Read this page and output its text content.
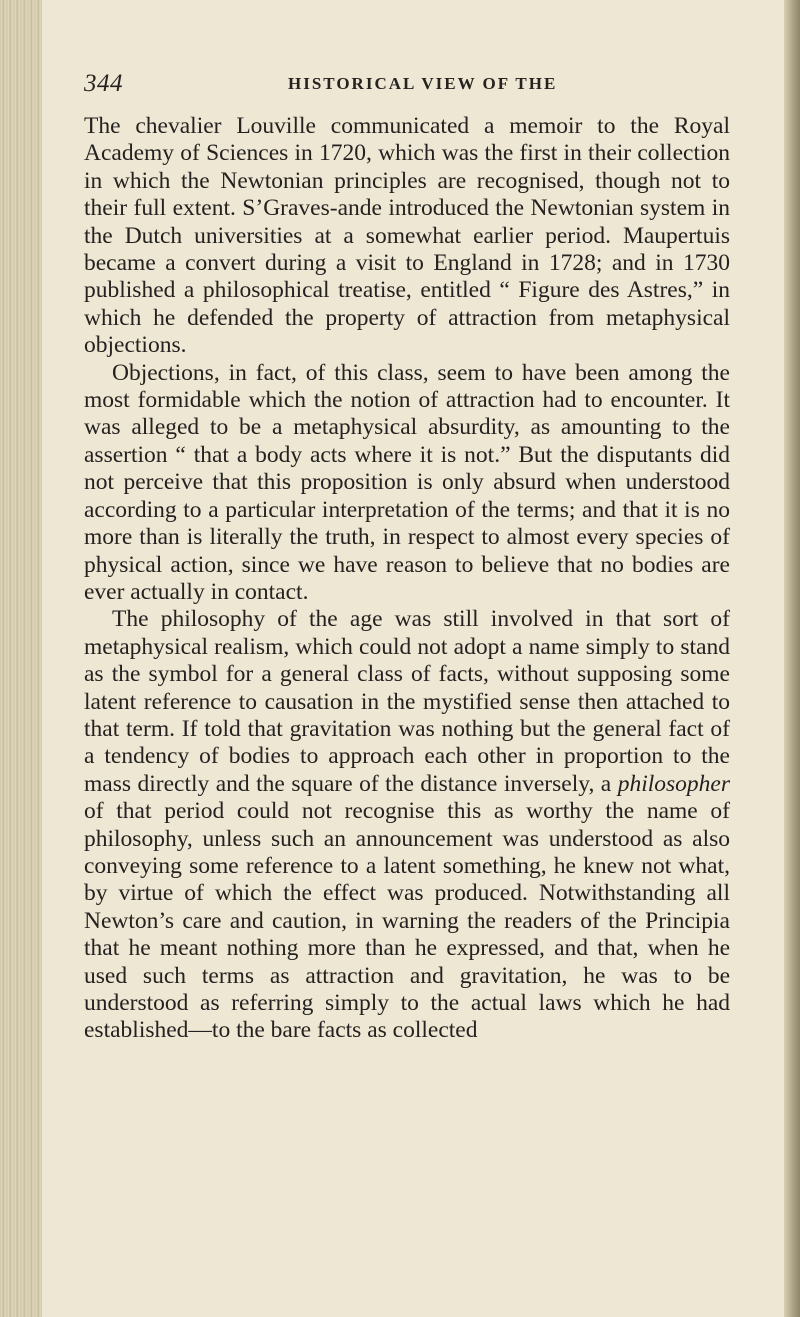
344	HISTORICAL VIEW OF THE

The chevalier Louville communicated a memoir to the Royal Academy of Sciences in 1720, which was the first in their collection in which the Newtonian principles are recognised, though not to their full extent. S’Graves-ande introduced the Newtonian system in the Dutch universities at a somewhat earlier period. Maupertuis became a convert during a visit to England in 1728; and in 1730 published a philosophical treatise, entitled “ Figure des Astres,” in which he defended the property of attraction from metaphysical objections.

Objections, in fact, of this class, seem to have been among the most formidable which the notion of attraction had to encounter. It was alleged to be a metaphysical absurdity, as amounting to the assertion “ that a body acts where it is not.” But the disputants did not perceive that this proposition is only absurd when understood according to a particular interpretation of the terms; and that it is no more than is literally the truth, in respect to almost every species of physical action, since we have reason to believe that no bodies are ever actually in contact.

The philosophy of the age was still involved in that sort of metaphysical realism, which could not adopt a name simply to stand as the symbol for a general class of facts, without supposing some latent reference to causation in the mystified sense then attached to that term. If told that gravitation was nothing but the general fact of a tendency of bodies to approach each other in proportion to the mass directly and the square of the distance inversely, a philosopher of that period could not recognise this as worthy the name of philosophy, unless such an announcement was understood as also conveying some reference to a latent something, he knew not what, by virtue of which the effect was produced. Notwithstanding all Newton’s care and caution, in warning the readers of the Principia that he meant nothing more than he expressed, and that, when he used such terms as attraction and gravitation, he was to be understood as referring simply to the actual laws which he had established—to the bare facts as collected
